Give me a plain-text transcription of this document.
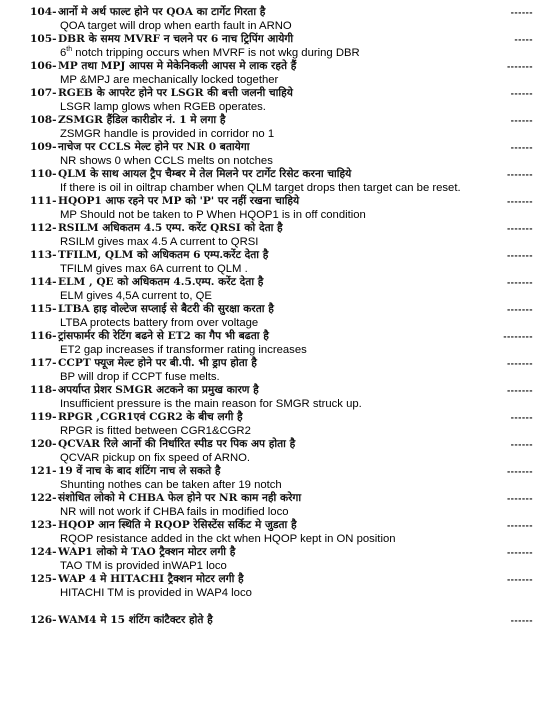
104- आर्नो मे अर्थ फाल्ट होने पर QOA का टार्गेट गिरता है	------
QOA target will drop when earth fault in ARNO
105- DBR के समय MVRF न चलने पर 6 नाच ट्रिपिंग आयेगी	-----
6th notch tripping occurs when MVRF is not wkg during DBR
106- MP तथा MPJ आपस मे मेकेनिकली आपस मे लाक रहते हैं	-------
MP &MPJ are mechanically locked together
107- RGEB के आपरेट होने पर LSGR की बत्ती जलनी चाहिये	------
LSGR lamp glows when RGEB operates.
108- ZSMGR हैंडिल कारीडोर नं. 1 मे लगा है	------
ZSMGR handle is provided in corridor no 1
109- नाचेज पर CCLS मेल्ट होने पर NR 0 बतायेगा	------
NR shows 0 when CCLS melts on notches
110- QLM के साथ आयल ट्रैप चैम्बर मे तेल मिलने पर टार्गेट रिसेट करना चाहिये	-------
If there is oil in oiltrap chamber when QLM target drops then target can be reset.
111- HQOP1 आफ रहने पर MP को 'P' पर नहीं रखना चाहिये	-------
MP Should not be taken to P When HQOP1 is in off condition
112- RSILM अधिकतम 4.5 एम्प. करेंट QRSI को देता है	-------
RSILM gives max 4.5 A current to QRSI
113- TFILM, QLM को अधिकतम 6 एम्प.करेंट देता है	-------
TFILM gives max 6A current to QLM .
114- ELM , QE को अधिकतम 4.5.एम्प. करेंट देता है	-------
ELM gives 4,5A current to, QE
115- LTBA हाइ वोल्टेज सप्लाई से बैटरी की सुरक्षा करता है	-------
LTBA protects battery from over voltage
116- ट्रांसफार्मर की रेटिंग बढने से ET2 का गैप भी बढता है	--------
ET2 gap increases if transformer rating increases
117- CCPT फ्यूज मेल्ट होने पर बी.पी. भी ड्राप होता है	-------
BP will drop if CCPT fuse melts.
118- अपर्याप्त प्रेशर SMGR अटकने का प्रमुख कारण है	-------
Insufficient pressure is the main reason for SMGR struck up.
119- RPGR ,CGR1एवं CGR2 के बीच लगी है	------
RPGR is fitted between CGR1&CGR2
120- QCVAR रिले आर्नो की निर्धारित स्पीड पर पिक अप होता है	------
QCVAR pickup on fix speed of ARNO.
121- 19 वें नाच के बाद शंटिंग नाच ले सकते है	-------
Shunting nothes can be taken after 19 notch
122- संशोधित लोको मे CHBA फेल होने पर NR काम नही करेगा	-------
NR will not work if CHBA fails in modified loco
123- HQOP आन स्थिति मे RQOP रेसिस्टेंस सर्किट मे जुडता है	-------
RQOP resistance added in the ckt when HQOP kept in ON position
124- WAP1 लोको मे TAO ट्रैक्शन मोटर लगी है	-------
TAO TM is provided inWAP1 loco
125- WAP 4 मे HITACHI ट्रैक्शन मोटर लगी है	-------
HITACHI TM is provided in WAP4 loco
126- WAM4 मे 15 शंटिंग कांटैक्टर होते है	------
